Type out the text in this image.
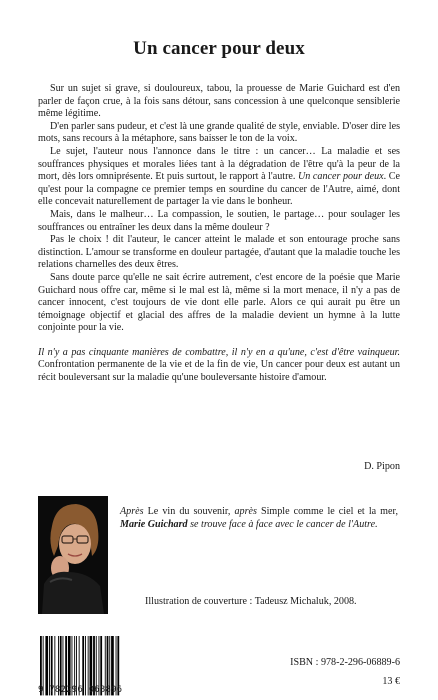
Un cancer pour deux

Sur un sujet si grave, si douloureux, tabou, la prouesse de Marie Guichard est d'en parler de façon crue, à la fois sans détour, sans concession à une quelconque sensiblerie même légitime.

D'en parler sans pudeur, et c'est là une grande qualité de style, enviable. D'oser dire les mots, sans recours à la métaphore, sans baisser le ton de la voix.

Le sujet, l'auteur nous l'annonce dans le titre : un cancer… La maladie et ses souffrances physiques et morales liées tant à la dégradation de l'être qu'à la peur de la mort, dès lors omniprésente. Et puis surtout, le rapport à l'autre. Un cancer pour deux. Ce qu'est pour la compagne ce premier temps en sourdine du cancer de l'Autre, aimé, dont elle concevait naturellement de partager la vie dans le bonheur.

Mais, dans le malheur… La compassion, le soutien, le partage… pour soulager les souffrances ou entraîner les deux dans la même douleur ?

Pas le choix ! dit l'auteur, le cancer atteint le malade et son entourage proche sans distinction. L'amour se transforme en douleur partagée, d'autant que la maladie touche les relations charnelles des deux êtres.

Sans doute parce qu'elle ne sait écrire autrement, c'est encore de la poésie que Marie Guichard nous offre car, même si le mal est là, même si la mort menace, il n'y a pas de cancer innocent, c'est toujours de vie dont elle parle. Alors ce qui aurait pu être un témoignage objectif et glacial des affres de la maladie devient un hymne à la lutte conjointe pour la vie.

Il n'y a pas cinquante manières de combattre, il n'y en a qu'une, c'est d'être vainqueur. Confrontation permanente de la vie et de la fin de vie, Un cancer pour deux est autant un récit bouleversant sur la maladie qu'une bouleversante histoire d'amour.

D. Pipon
Après Le vin du souvenir, après Simple comme le ciel et la mer, Marie Guichard se trouve face à face avec le cancer de l'Autre.
Illustration de couverture : Tadeusz Michaluk, 2008.
9 782296 068896
ISBN : 978-2-296-06889-6
13 €
